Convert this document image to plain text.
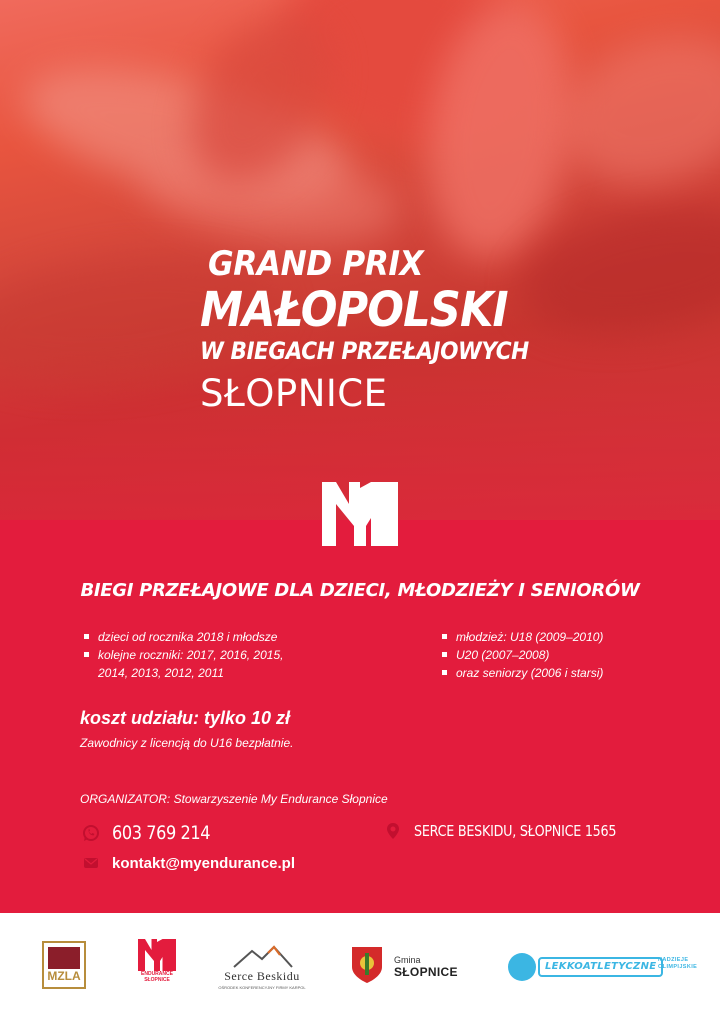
GRAND PRIX
MAŁOPOLSKI
W BIEGACH PRZEŁAJOWYCH
SŁOPNICE
BIEGI PRZEŁAJOWE DLA DZIECI, MŁODZIEŻY I SENIORÓW
dzieci od rocznika 2018 i młodsze
kolejne roczniki: 2017, 2016, 2015,
2014, 2013, 2012, 2011
młodzież: U18 (2009–2010)
U20 (2007–2008)
oraz seniorzy (2006 i starsi)
koszt udziału: tylko 10 zł
Zawodnicy z licencją do U16 bezpłatnie.
ORGANIZATOR: Stowarzyszenie My Endurance Słopnice
603 769 214
kontakt@myendurance.pl
SERCE BESKIDU, SŁOPNICE 1565
MZLA	ENDURANCE SŁOPNICE	Serce Beskidu
OŚRODEK KONFERENCYJNY FIRMY KARPOL
Gmina
SŁOPNICE	LEKKOATLETYCZNE
NADZIEJE OLIMPIJSKIE
